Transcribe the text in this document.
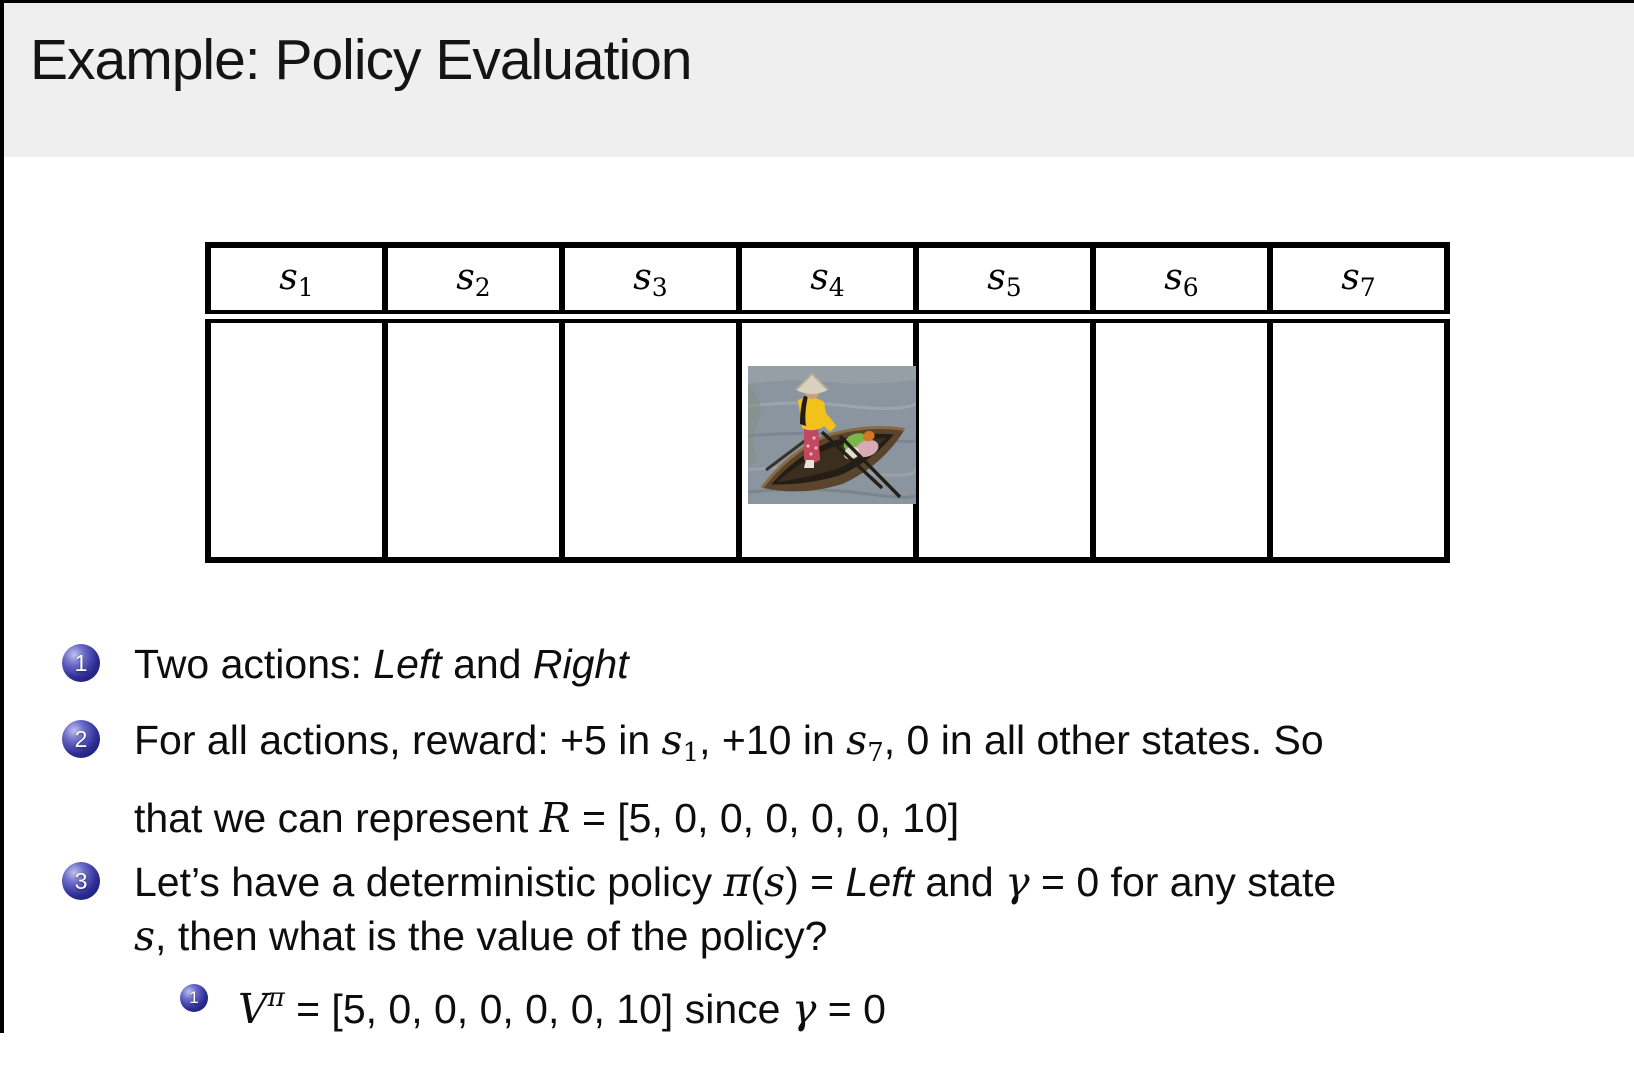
Example: Policy Evaluation
s1	s2	s3	s4	s5	s6	s7

1	Two actions: Left and Right
2	For all actions, reward: +5 in s1, +10 in s7, 0 in all other states. So
that we can represent R = [5, 0, 0, 0, 0, 0, 10]
3	Let’s have a deterministic policy π(s) = Left and γ = 0 for any state
s, then what is the value of the policy?
1 $V^\pi = [5$, 0, 0, 0, 0, 0, 10] since γ = 0
